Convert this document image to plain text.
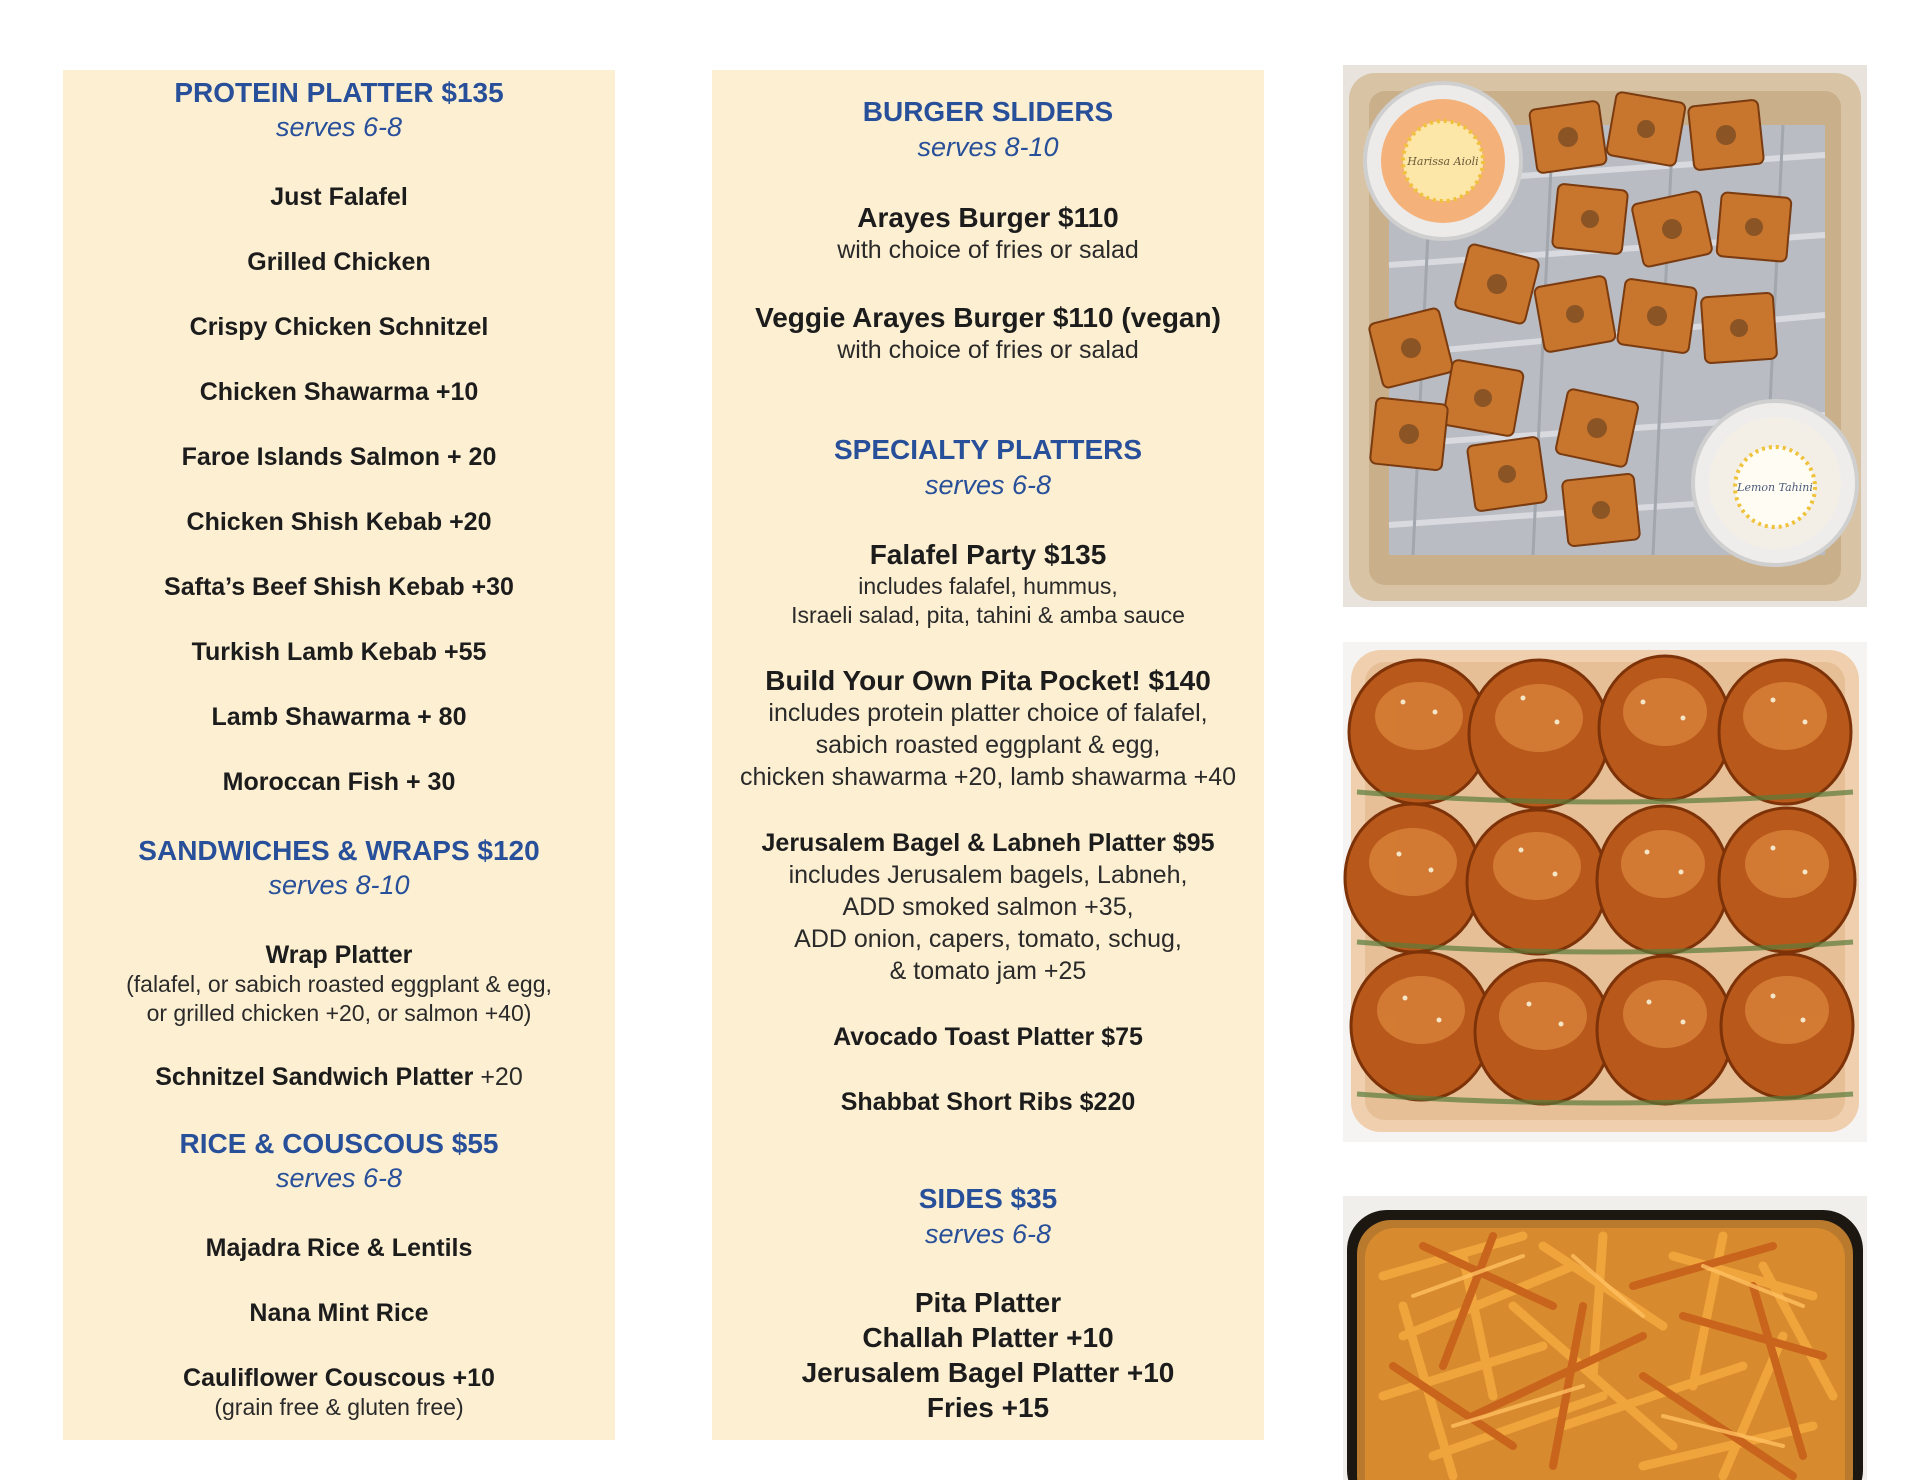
PROTEIN PLATTER $135
serves 6-8
Just Falafel
Grilled Chicken
Crispy Chicken Schnitzel
Chicken Shawarma +10
Faroe Islands Salmon + 20
Chicken Shish Kebab +20
Safta’s Beef Shish Kebab +30
Turkish Lamb Kebab +55
Lamb Shawarma + 80
Moroccan Fish + 30
SANDWICHES & WRAPS $120
serves 8-10
Wrap Platter
(falafel, or sabich roasted eggplant & egg,
or grilled chicken +20, or salmon +40)
Schnitzel Sandwich Platter +20
RICE & COUSCOUS $55
serves 6-8
Majadra Rice & Lentils
Nana Mint Rice
Cauliflower Couscous +10
(grain free & gluten free)
BURGER SLIDERS
serves 8-10
Arayes Burger $110
with choice of fries or salad
Veggie Arayes Burger $110 (vegan)
with choice of fries or salad
SPECIALTY PLATTERS
serves 6-8
Falafel Party $135
includes falafel, hummus,
Israeli salad, pita, tahini & amba sauce
Build Your Own Pita Pocket! $140
includes protein platter choice of falafel,
sabich roasted eggplant & egg,
chicken shawarma +20, lamb shawarma +40
Jerusalem Bagel & Labneh Platter $95
includes Jerusalem bagels, Labneh,
ADD smoked salmon +35,
ADD onion, capers, tomato, schug,
& tomato jam +25
Avocado Toast Platter $75
Shabbat Short Ribs $220
SIDES $35
serves 6-8
Pita Platter
Challah Platter +10
Jerusalem Bagel Platter +10
Fries +15
Harissa Aioli
Lemon Tahini
